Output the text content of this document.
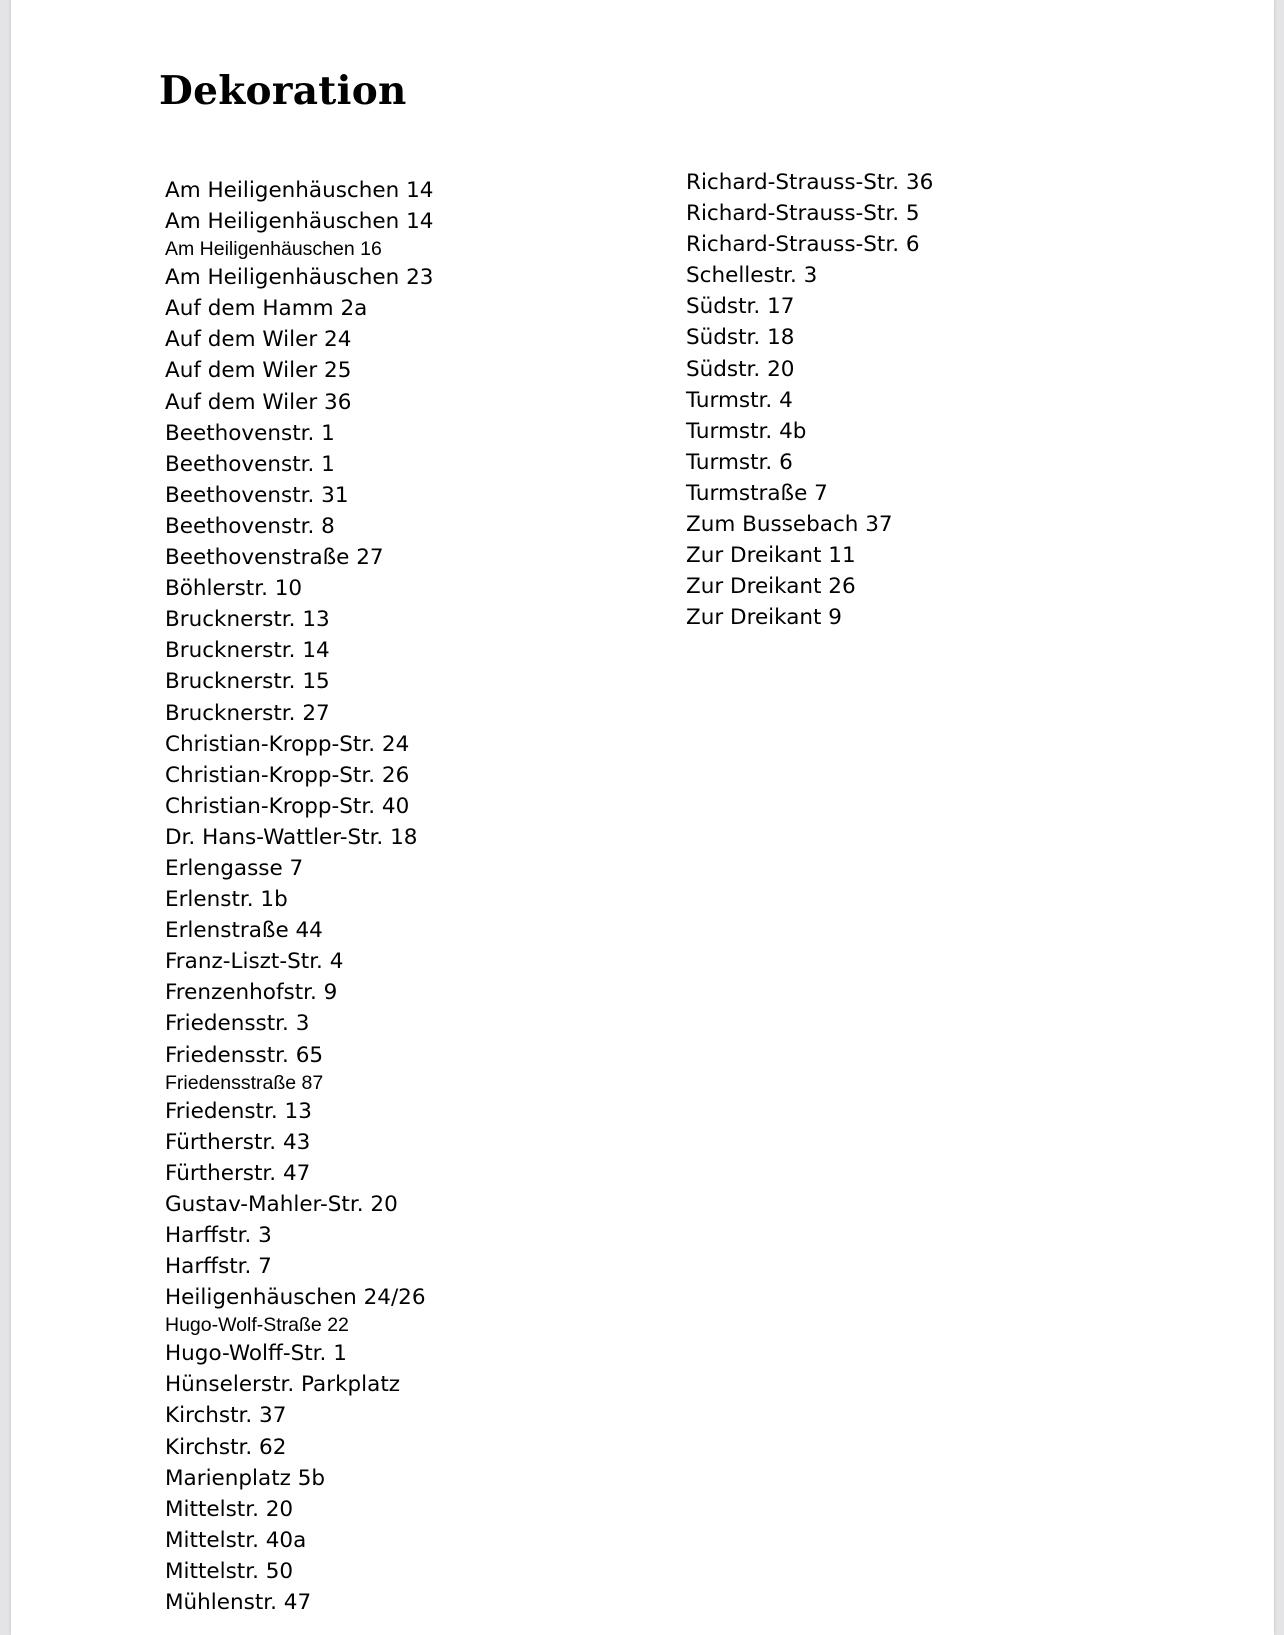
Dekoration
Am Heiligenhäuschen 14
Am Heiligenhäuschen 14
Am Heiligenhäuschen 16
Am Heiligenhäuschen 23
Auf dem Hamm 2a
Auf dem Wiler 24
Auf dem Wiler 25
Auf dem Wiler 36
Beethovenstr. 1
Beethovenstr. 1
Beethovenstr. 31
Beethovenstr. 8
Beethovenstraße 27
Böhlerstr. 10
Brucknerstr. 13
Brucknerstr. 14
Brucknerstr. 15
Brucknerstr. 27
Christian-Kropp-Str. 24
Christian-Kropp-Str. 26
Christian-Kropp-Str. 40
Dr. Hans-Wattler-Str. 18
Erlengasse 7
Erlenstr. 1b
Erlenstraße 44
Franz-Liszt-Str. 4
Frenzenhofstr. 9
Friedensstr. 3
Friedensstr. 65
Friedensstraße 87
Friedenstr. 13
Fürtherstr. 43
Fürtherstr. 47
Gustav-Mahler-Str. 20
Harffstr. 3
Harffstr. 7
Heiligenhäuschen 24/26
Hugo-Wolf-Straße 22
Hugo-Wolff-Str. 1
Hünselerstr. Parkplatz
Kirchstr. 37
Kirchstr. 62
Marienplatz 5b
Mittelstr. 20
Mittelstr. 40a
Mittelstr. 50
Mühlenstr. 47
Richard-Strauss-Str. 36
Richard-Strauss-Str. 5
Richard-Strauss-Str. 6
Schellestr. 3
Südstr. 17
Südstr. 18
Südstr. 20
Turmstr. 4
Turmstr. 4b
Turmstr. 6
Turmstraße 7
Zum Bussebach 37
Zur Dreikant 11
Zur Dreikant 26
Zur Dreikant 9
